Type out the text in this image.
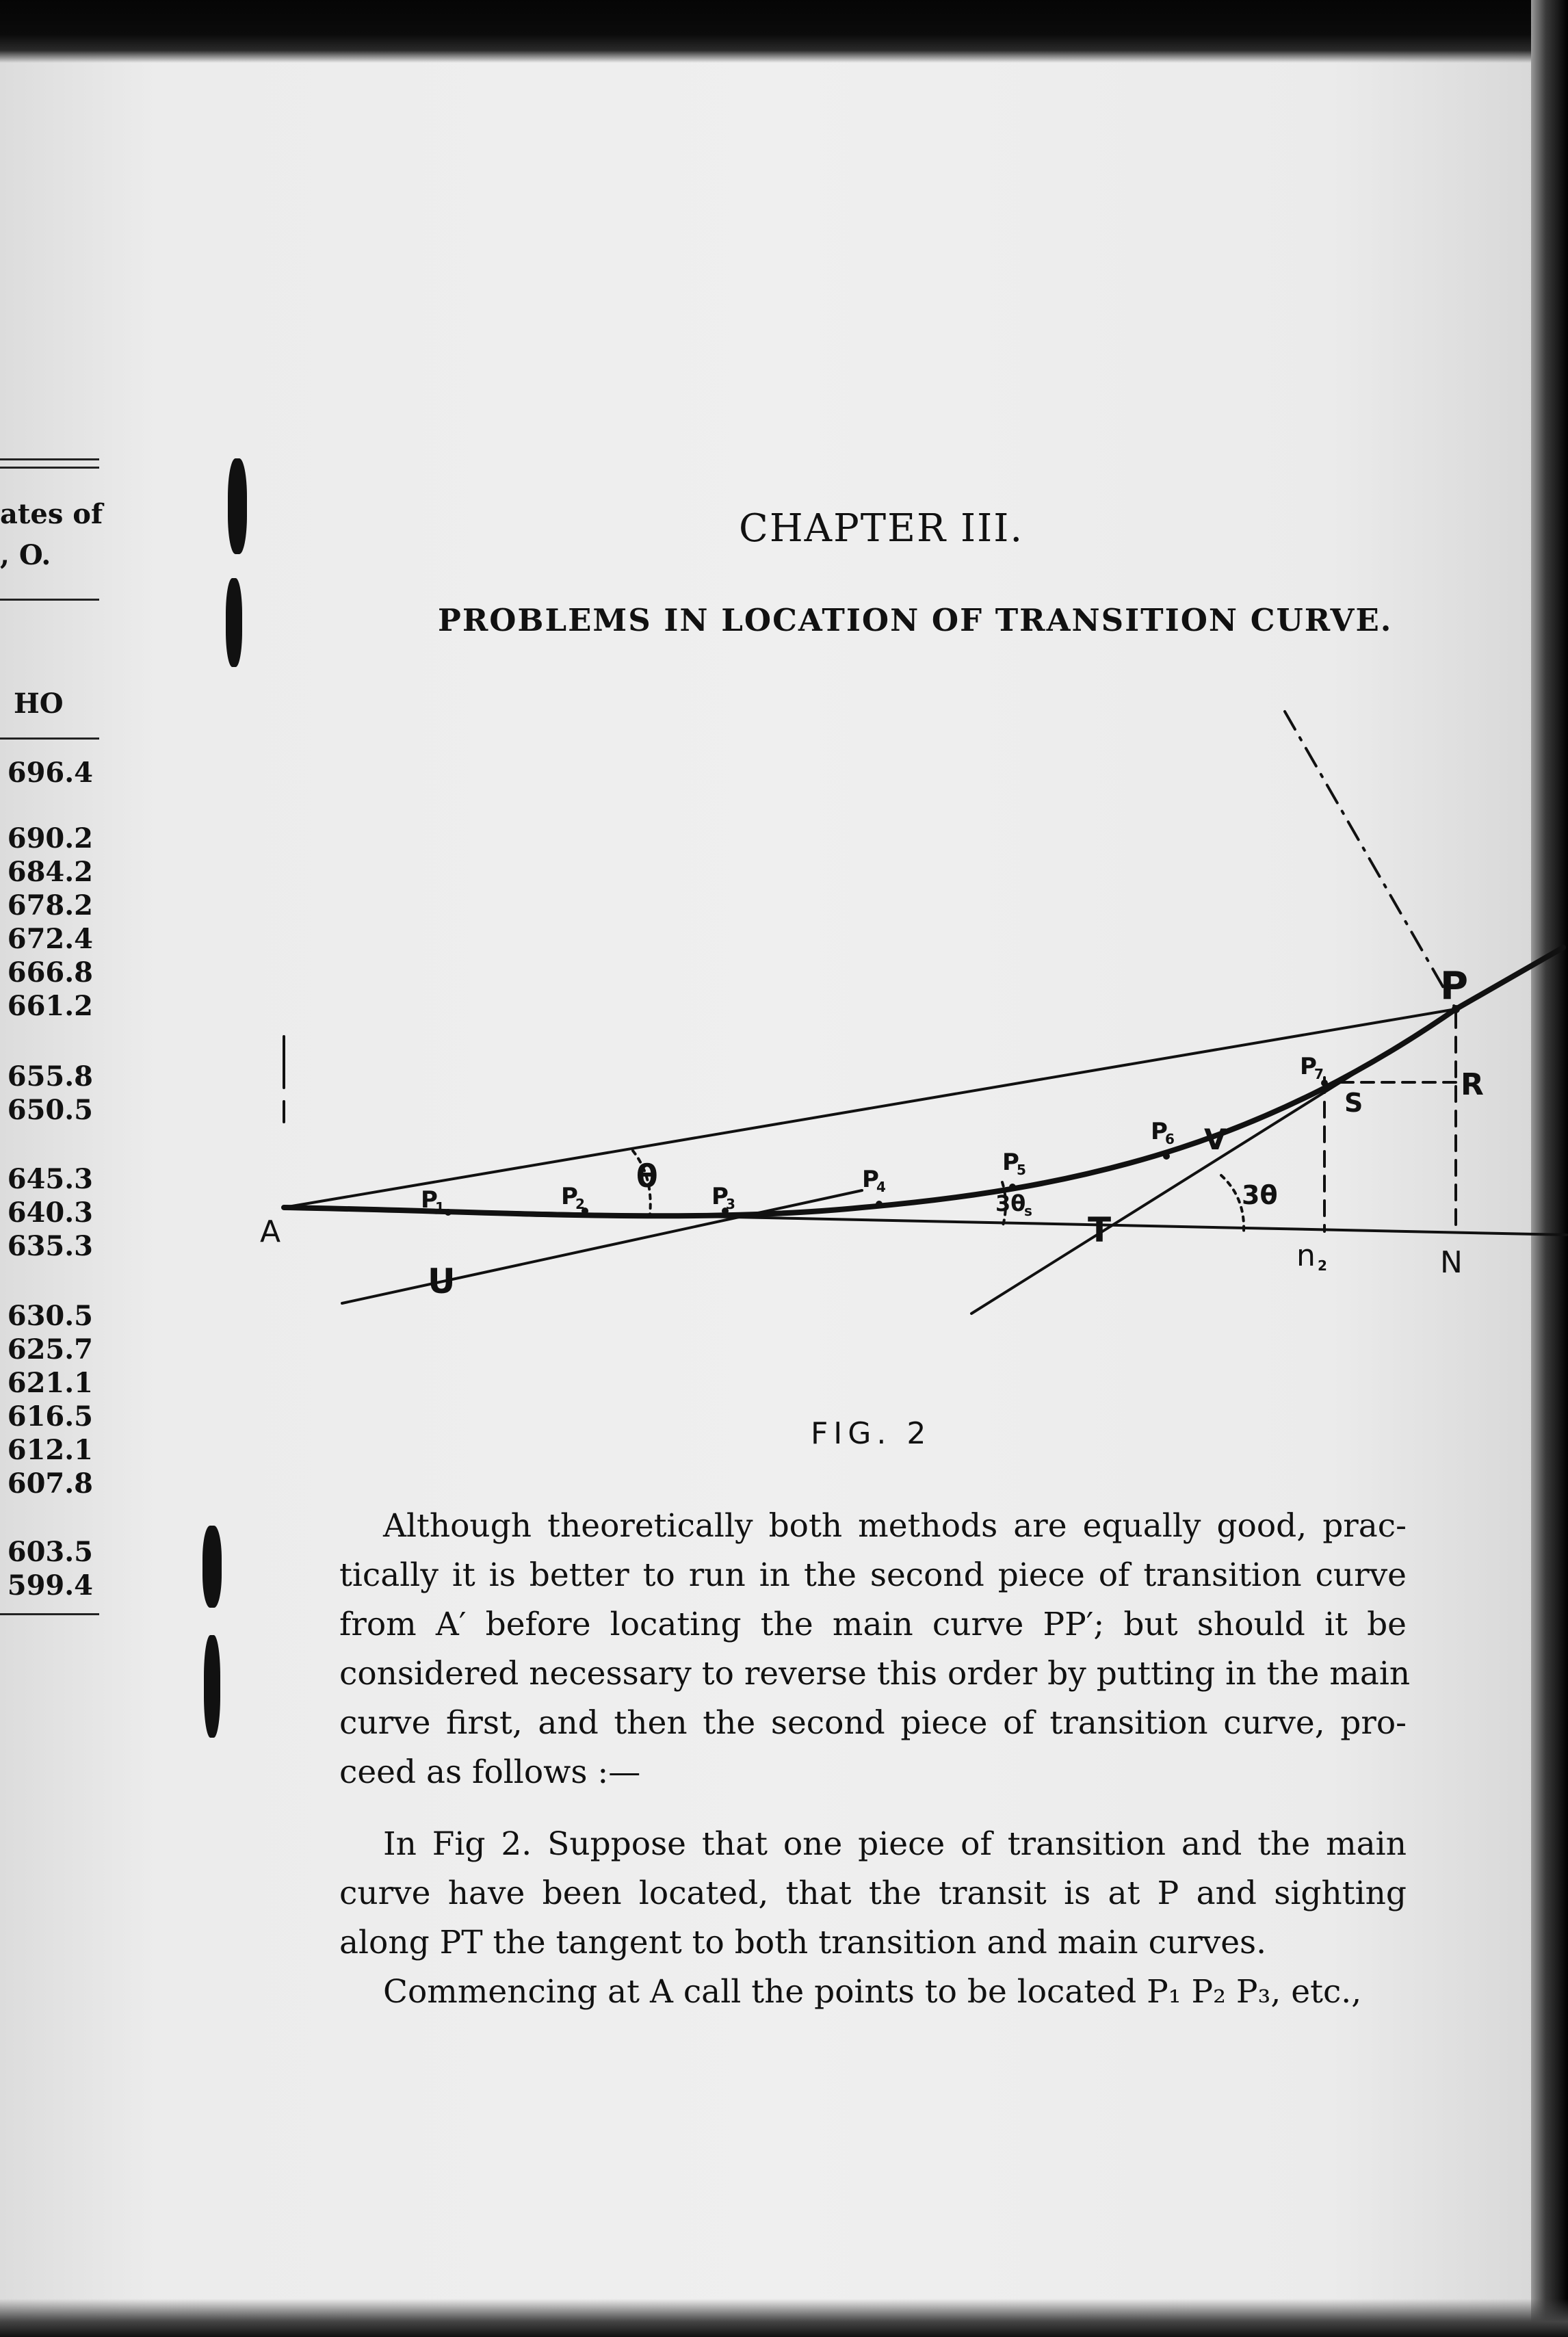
ates of
, O.
HO
696.4
690.2
684.2
678.2
672.4
666.8
661.2
655.8
650.5
645.3
640.3
635.3
630.5
625.7
621.1
616.5
612.1
607.8
603.5
599.4
CHAPTER III.
PROBLEMS IN LOCATION OF TRANSITION CURVE.
A
U
T
N
n
P
R
S
V
P	P	P
P
P
P
P
θ
3θ
3θ
1	2	3
4
5
6
7
2
s
FIG. 2
Although theoretically both methods are equally good, prac-
tically it is better to run in the second piece of transition curve
from A′ before locating the main curve PP′; but should it be
considered necessary to reverse this order by putting in the main
curve first, and then the second piece of transition curve, pro-
ceed as follows :—
In Fig 2. Suppose that one piece of transition and the main
curve have been located, that the transit is at P and sighting
along PT the tangent to both transition and main curves.
Commencing at A call the points to be located P₁ P₂ P₃, etc.,
